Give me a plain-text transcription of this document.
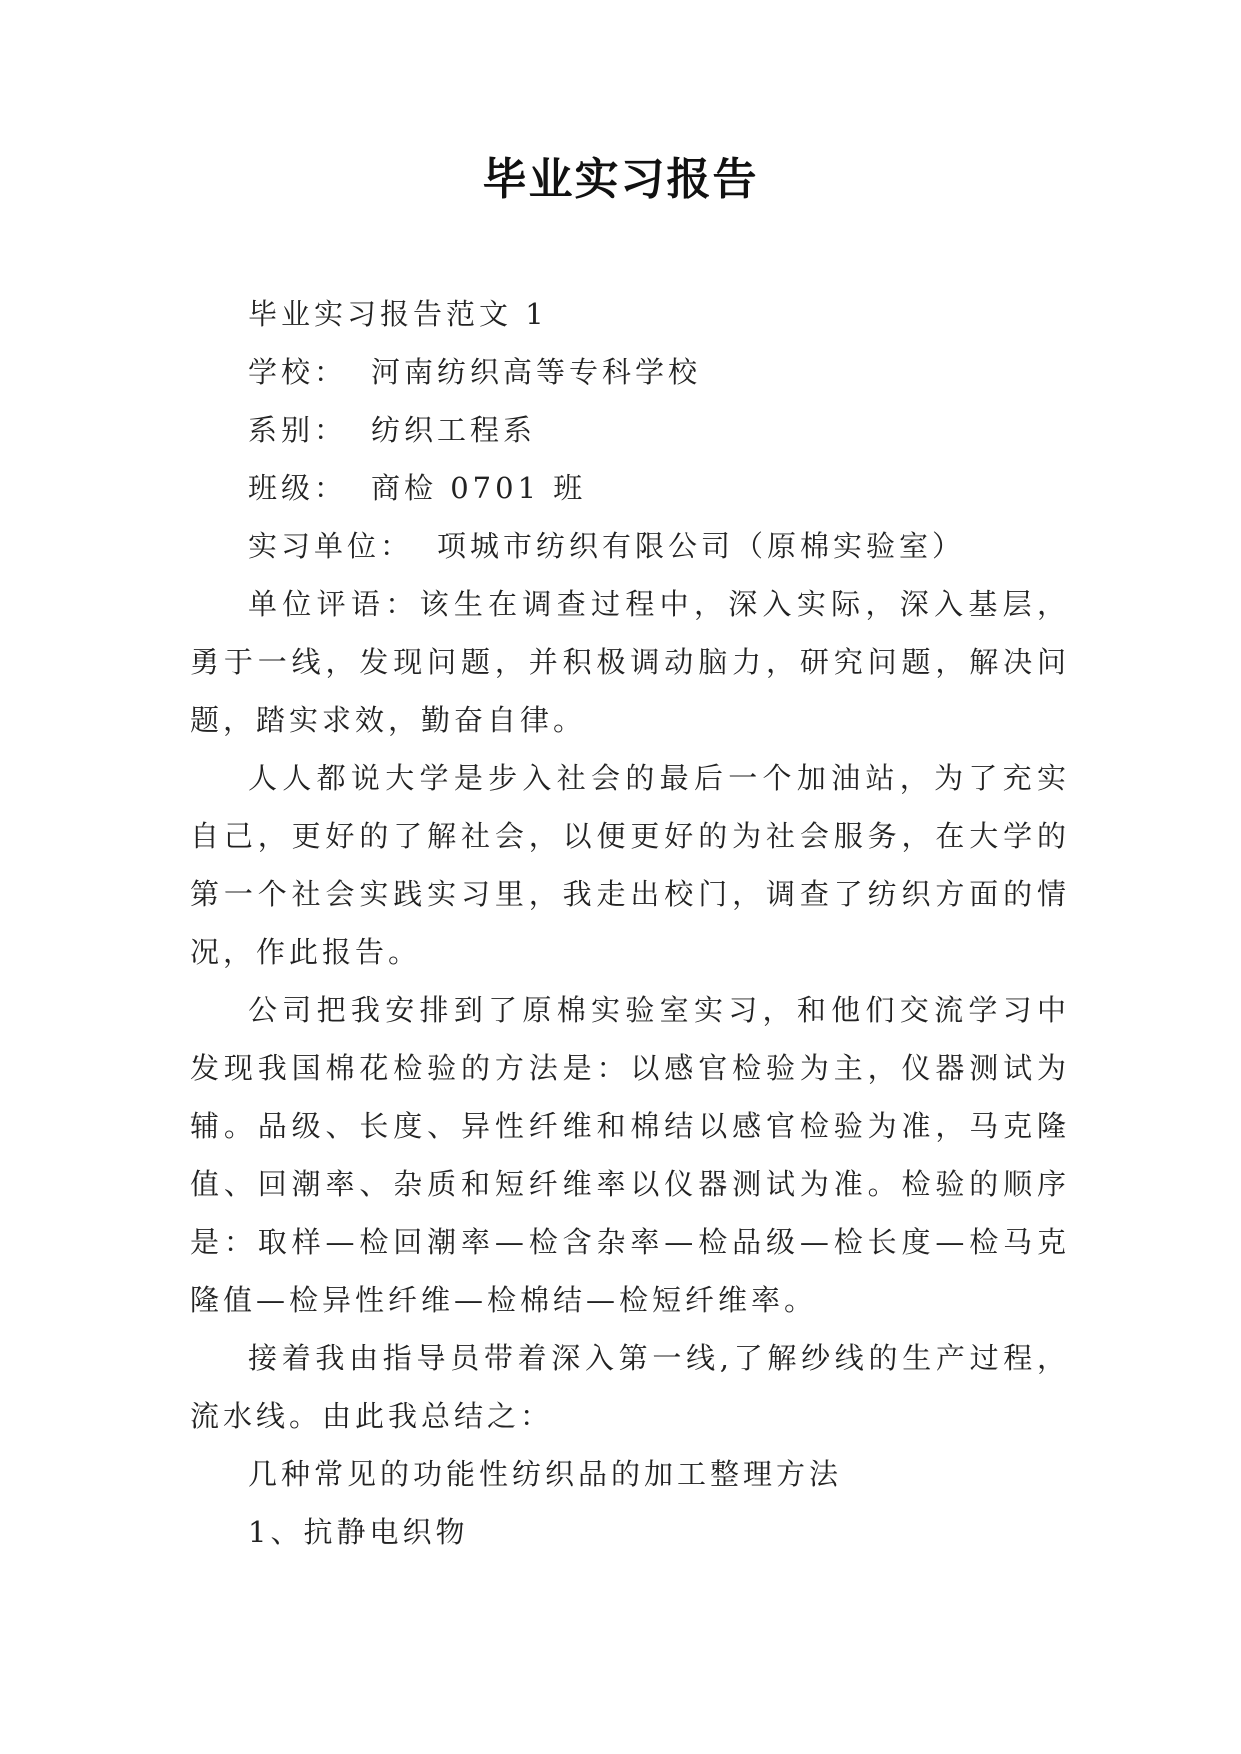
毕业实习报告

毕业实习报告范文 1

学校： 河南纺织高等专科学校

系别： 纺织工程系

班级： 商检 0701 班

实习单位： 项城市纺织有限公司（原棉实验室）

单位评语：该生在调查过程中，深入实际，深入基层，勇于一线，发现问题，并积极调动脑力，研究问题，解决问题，踏实求效，勤奋自律。

人人都说大学是步入社会的最后一个加油站，为了充实自己，更好的了解社会，以便更好的为社会服务，在大学的第一个社会实践实习里，我走出校门，调查了纺织方面的情况，作此报告。

公司把我安排到了原棉实验室实习，和他们交流学习中发现我国棉花检验的方法是：以感官检验为主，仪器测试为辅。品级、长度、异性纤维和棉结以感官检验为准，马克隆值、回潮率、杂质和短纤维率以仪器测试为准。检验的顺序是：取样—检回潮率—检含杂率—检品级—检长度—检马克隆值—检异性纤维—检棉结—检短纤维率。

接着我由指导员带着深入第一线,了解纱线的生产过程，流水线。由此我总结之：

几种常见的功能性纺织品的加工整理方法

1、抗静电织物
